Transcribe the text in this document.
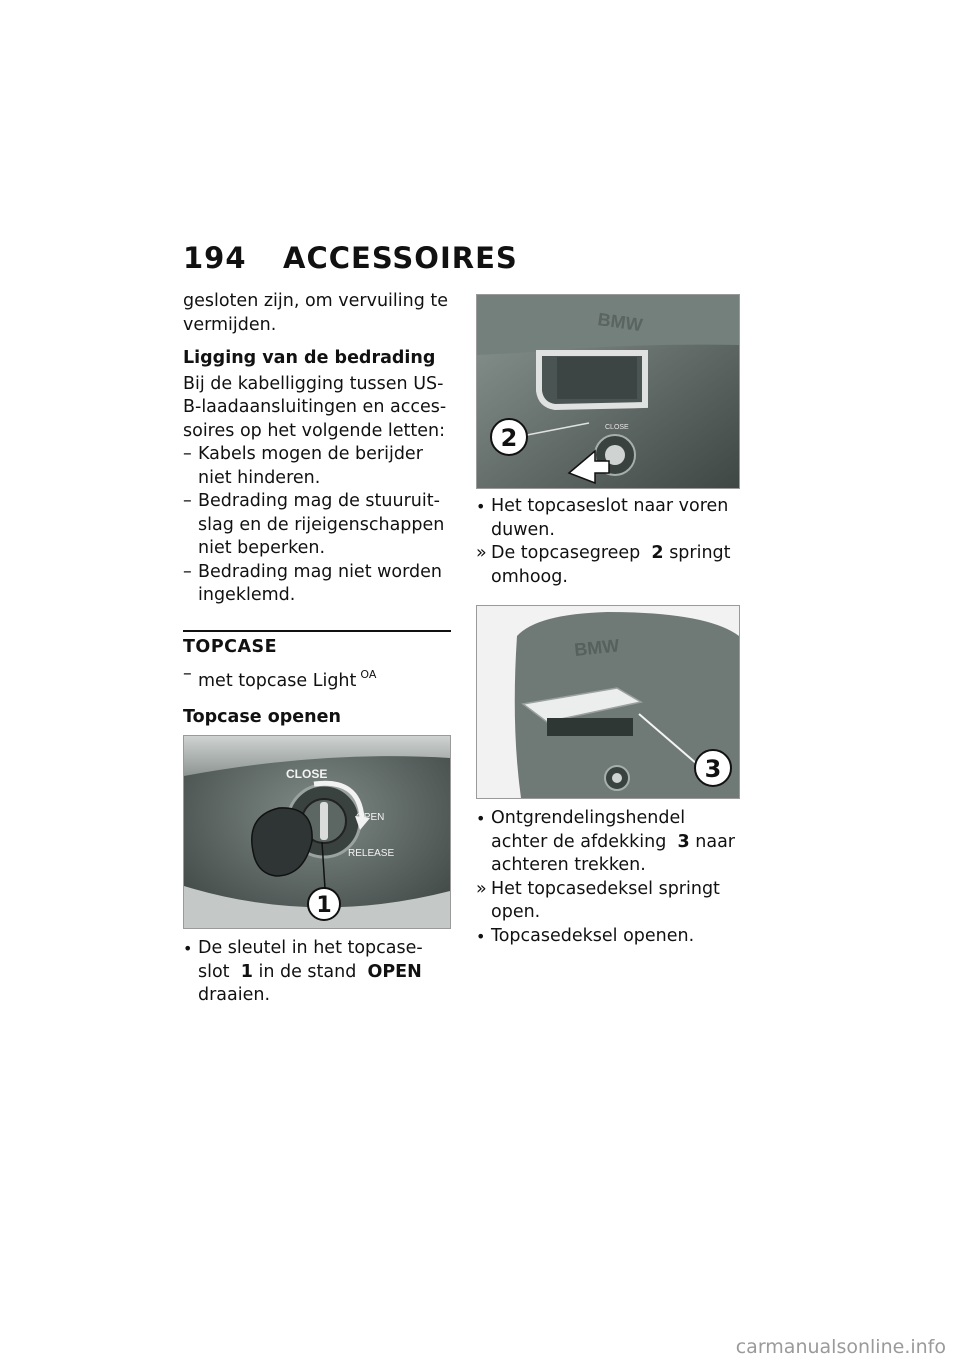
194 ACCESSOIRES

gesloten zijn, om vervuiling te vermijden.

Ligging van de bedrading

Bij de kabelligging tussen US-B-laadaansluitingen en acces-soires op het volgende letten:

– Kabels mogen de berijder niet hinderen.

– Bedrading mag de stuuruit-slag en de rijeigenschappen niet beperken.

– Bedrading mag niet worden ingeklemd.

TOPCASE

– met topcase Light $^{OA}$

Topcase openen

CLOSE
OPEN
RELEASE
1

• De sleutel in het topcase-slot 1 in de stand OPEN draaien.

BMW
CLOSE
2

• Het topcaseslot naar voren duwen.

» De topcasegreep 2 springt omhoog.

BMW
3

• Ontgrendelingshendel achter de afdekking 3 naar achteren trekken.

» Het topcasedeksel springt open.

• Topcasedeksel openen.

carmanualsonline.info
